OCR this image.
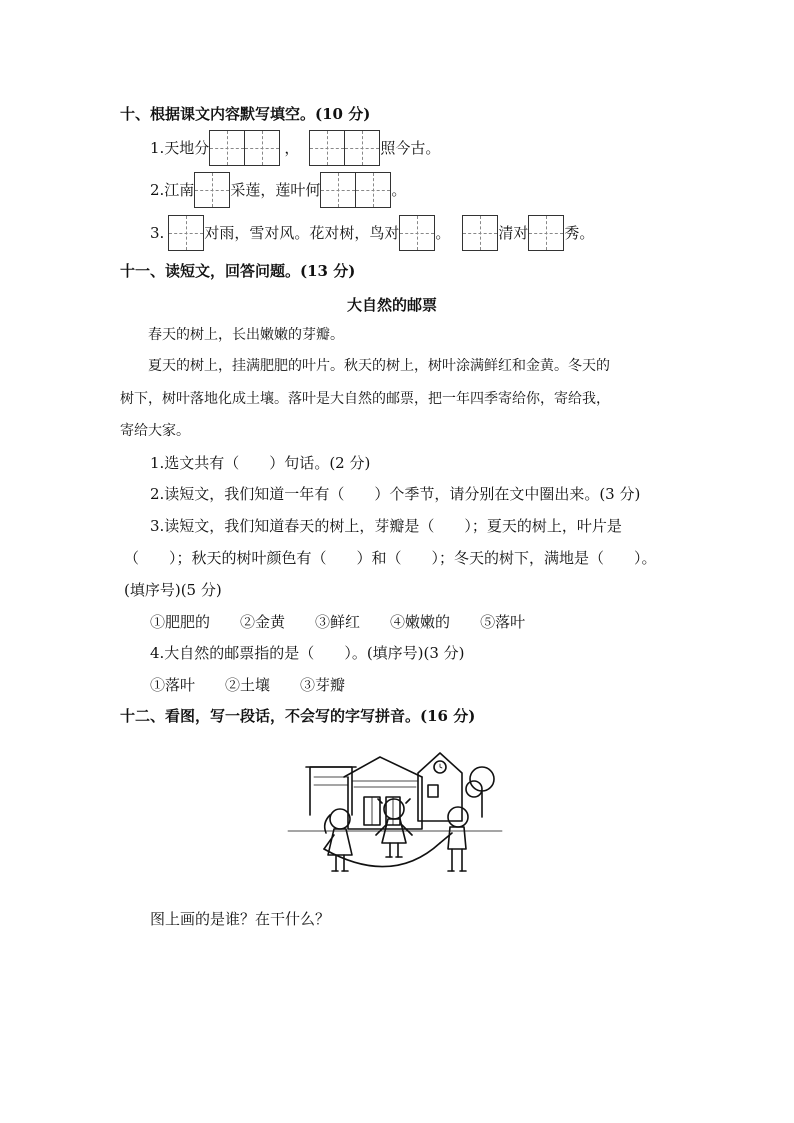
十、根据课文内容默写填空。(10 分)
1.天地分	，	照今古。
2.江南 采莲，莲叶何	。
3.	对雨，雪对风。花对树，鸟对 。	清对 秀。
十一、读短文，回答问题。(13 分)
大自然的邮票
春天的树上，长出嫩嫩的芽瓣。
夏天的树上，挂满肥肥的叶片。秋天的树上，树叶涂满鲜红和金黄。冬天的
树下，树叶落地化成土壤。落叶是大自然的邮票，把一年四季寄给你，寄给我，
寄给大家。
1.选文共有（　　）句话。(2 分)
2.读短文，我们知道一年有（　　）个季节，请分别在文中圈出来。(3 分)
3.读短文，我们知道春天的树上，芽瓣是（　　）；夏天的树上，叶片是
（　　）；秋天的树叶颜色有（　　）和（　　）；冬天的树下，满地是（　　）。
(填序号)(5 分)
①肥肥的 ②金黄 ③鲜红 ④嫩嫩的 ⑤落叶
4.大自然的邮票指的是（　　）。(填序号)(3 分)
①落叶 ②土壤 ③芽瓣
十二、看图，写一段话，不会写的字写拼音。(16 分)
图上画的是谁？在干什么？
